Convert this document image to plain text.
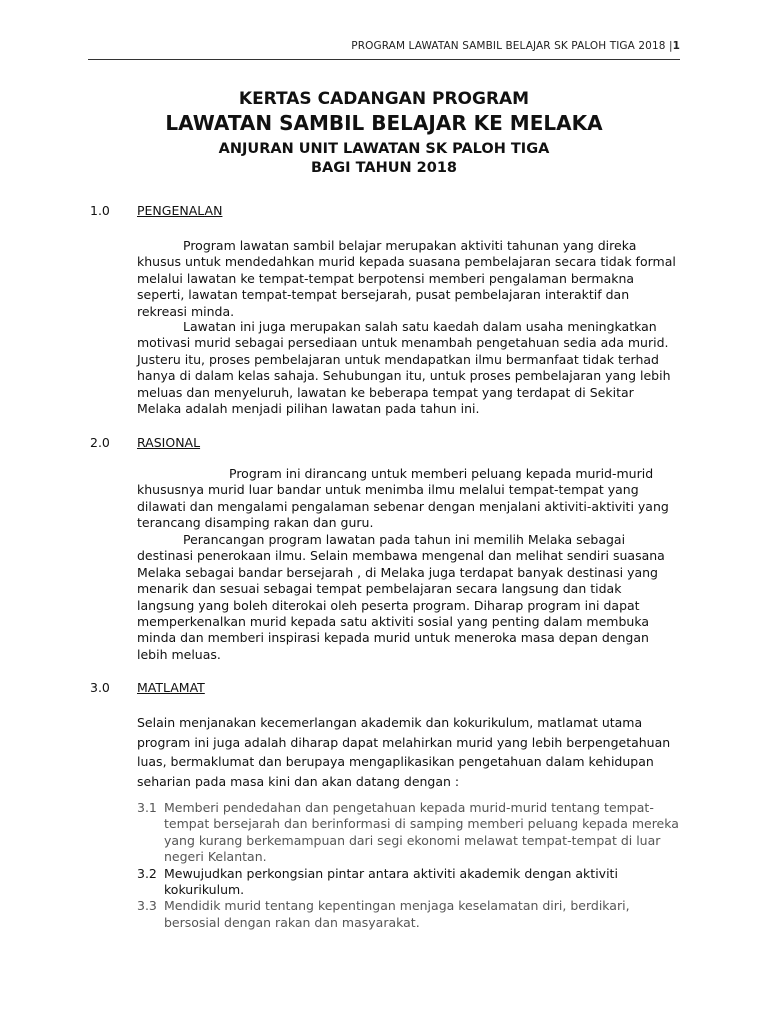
PROGRAM LAWATAN SAMBIL BELAJAR SK PALOH TIGA 2018 |1
KERTAS CADANGAN PROGRAM
LAWATAN SAMBIL BELAJAR KE MELAKA
ANJURAN UNIT LAWATAN SK PALOH TIGA
BAGI TAHUN 2018
1.0 PENGENALAN

Program lawatan sambil belajar merupakan aktiviti tahunan yang direka khusus untuk mendedahkan murid kepada suasana pembelajaran secara tidak formal melalui lawatan ke tempat-tempat berpotensi memberi pengalaman bermakna seperti, lawatan tempat-tempat bersejarah, pusat pembelajaran interaktif dan rekreasi minda.

Lawatan ini juga merupakan salah satu kaedah dalam usaha meningkatkan motivasi murid sebagai persediaan untuk menambah pengetahuan sedia ada murid. Justeru itu, proses pembelajaran untuk mendapatkan ilmu bermanfaat tidak terhad hanya di dalam kelas sahaja. Sehubungan itu, untuk proses pembelajaran yang lebih meluas dan menyeluruh, lawatan ke beberapa tempat yang terdapat di Sekitar Melaka adalah menjadi pilihan lawatan pada tahun ini.

2.0 RASIONAL

Program ini dirancang untuk memberi peluang kepada murid-murid khususnya murid luar bandar untuk menimba ilmu melalui tempat-tempat yang dilawati dan mengalami pengalaman sebenar dengan menjalani aktiviti-aktiviti yang terancang disamping rakan dan guru.

Perancangan program lawatan pada tahun ini memilih Melaka sebagai destinasi penerokaan ilmu. Selain membawa mengenal dan melihat sendiri suasana Melaka sebagai bandar bersejarah , di Melaka juga terdapat banyak destinasi yang menarik dan sesuai sebagai tempat pembelajaran secara langsung dan tidak langsung yang boleh diterokai oleh peserta program. Diharap program ini dapat memperkenalkan murid kepada satu aktiviti sosial yang penting dalam membuka minda dan memberi inspirasi kepada murid untuk meneroka masa depan dengan lebih meluas.

3.0 MATLAMAT

Selain menjanakan kecemerlangan akademik dan kokurikulum, matlamat utama program ini juga adalah diharap dapat melahirkan murid yang lebih berpengetahuan luas, bermaklumat dan berupaya mengaplikasikan pengetahuan dalam kehidupan seharian pada masa kini dan akan datang dengan :

3.1 Memberi pendedahan dan pengetahuan kepada murid-murid tentang tempat-tempat bersejarah dan berinformasi di samping memberi peluang kepada mereka yang kurang berkemampuan dari segi ekonomi melawat tempat-tempat di luar negeri Kelantan.
3.2 Mewujudkan perkongsian pintar antara aktiviti akademik dengan aktiviti kokurikulum.
3.3 Mendidik murid tentang kepentingan menjaga keselamatan diri, berdikari, bersosial dengan rakan dan masyarakat.
